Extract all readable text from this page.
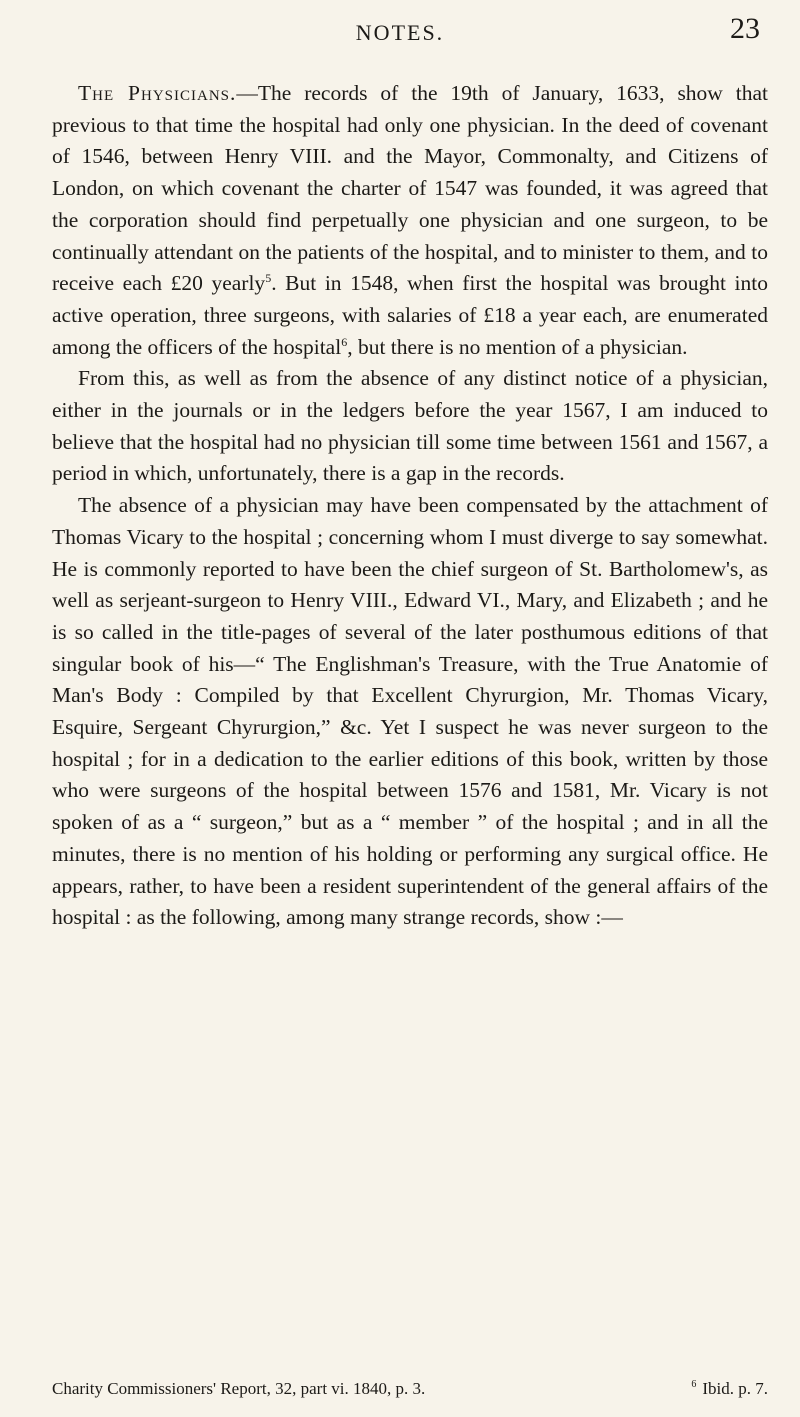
NOTES.	23

The Physicians.—The records of the 19th of January, 1633, show that previous to that time the hospital had only one physician. In the deed of covenant of 1546, between Henry VIII. and the Mayor, Commonalty, and Citizens of London, on which covenant the charter of 1547 was founded, it was agreed that the corporation should find perpetually one physician and one surgeon, to be continually attendant on the patients of the hospital, and to minister to them, and to receive each £20 yearly$^5$. But in 1548, when first the hospital was brought into active operation, three surgeons, with salaries of £18 a year each, are enumerated among the officers of the hospital$^6$, but there is no mention of a physician.

From this, as well as from the absence of any distinct notice of a physician, either in the journals or in the ledgers before the year 1567, I am induced to believe that the hospital had no physician till some time between 1561 and 1567, a period in which, unfortunately, there is a gap in the records.

The absence of a physician may have been compensated by the attachment of Thomas Vicary to the hospital ; concerning whom I must diverge to say somewhat. He is commonly reported to have been the chief surgeon of St. Bartholomew's, as well as serjeant-surgeon to Henry VIII., Edward VI., Mary, and Elizabeth ; and he is so called in the title-pages of several of the later posthumous editions of that singular book of his—“ The Englishman's Treasure, with the True Anatomie of Man's Body : Compiled by that Excellent Chyrurgion, Mr. Thomas Vicary, Esquire, Sergeant Chyrurgion,” &c. Yet I suspect he was never surgeon to the hospital ; for in a dedication to the earlier editions of this book, written by those who were surgeons of the hospital between 1576 and 1581, Mr. Vicary is not spoken of as a “ surgeon,” but as a “ member ” of the hospital ; and in all the minutes, there is no mention of his holding or performing any surgical office. He appears, rather, to have been a resident superintendent of the general affairs of the hospital : as the following, among many strange records, show :—

Charity Commissioners' Report, 32, part vi. 1840, p. 3.	$^6$ Ibid. p. 7.
